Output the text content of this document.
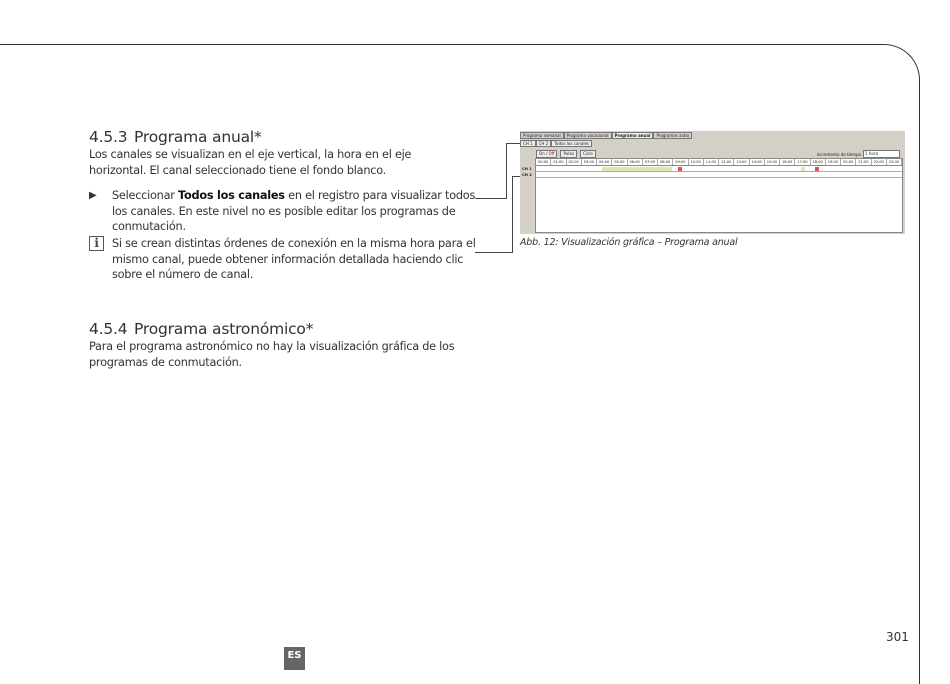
4.5.3 Programa anual*
Los canales se visualizan en el eje vertical, la hora en el eje horizontal. El canal seleccionado tiene el fondo blanco.
▶ Seleccionar Todos los canales en el registro para visualizar todos los canales. En este nivel no es posible editar los programas de conmutación.
i	Si se crean distintas órdenes de conexión en la misma hora para el mismo canal, puede obtener información detallada haciendo clic sobre el número de canal.
Programa semanal	Programa vacacional	Programa anual	Programas astro
CH 1	CH 2	Todos los canales
On / Off	Pulso	Ciclo	incremento de tiempo	1 hora
00:00	01:00	02:00	03:00	04:00	05:00	06:00	07:00	08:00	09:00	10:00	11:00	12:00	13:00	14:00	15:00	16:00	17:00	18:00	19:00	20:00	21:00	22:00	23:00
CH 1
CH 2
Abb. 12: Visualización gráfica – Programa anual
4.5.4 Programa astronómico*
Para el programa astronómico no hay la visualización gráfica de los programas de conmutación.
301
ES
